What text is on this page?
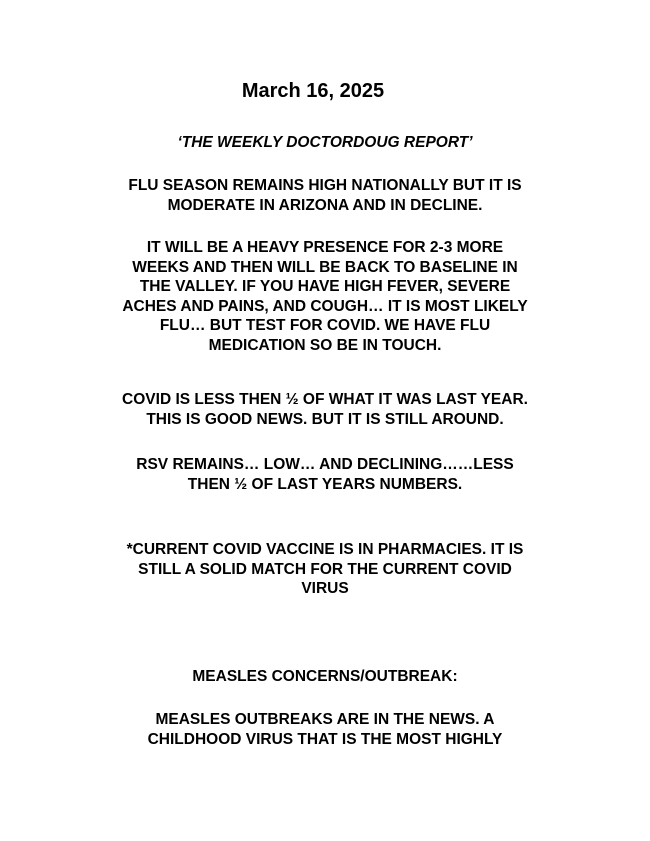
March 16, 2025
‘THE WEEKLY DOCTORDOUG REPORT’
FLU SEASON REMAINS HIGH NATIONALLY BUT IT IS
MODERATE IN ARIZONA AND IN DECLINE.
IT WILL BE A HEAVY PRESENCE FOR 2-3 MORE
WEEKS AND THEN WILL BE BACK TO BASELINE IN
THE VALLEY. IF YOU HAVE HIGH FEVER, SEVERE
ACHES AND PAINS, AND COUGH… IT IS MOST LIKELY
FLU… BUT TEST FOR COVID. WE HAVE FLU
MEDICATION SO BE IN TOUCH.
COVID IS LESS THEN ½ OF WHAT IT WAS LAST YEAR.
THIS IS GOOD NEWS. BUT IT IS STILL AROUND.
RSV REMAINS… LOW… AND DECLINING……LESS
THEN ½ OF LAST YEARS NUMBERS.
*CURRENT COVID VACCINE IS IN PHARMACIES. IT IS
STILL A SOLID MATCH FOR THE CURRENT COVID
VIRUS
MEASLES CONCERNS/OUTBREAK:
MEASLES OUTBREAKS ARE IN THE NEWS. A
CHILDHOOD VIRUS THAT IS THE MOST HIGHLY
